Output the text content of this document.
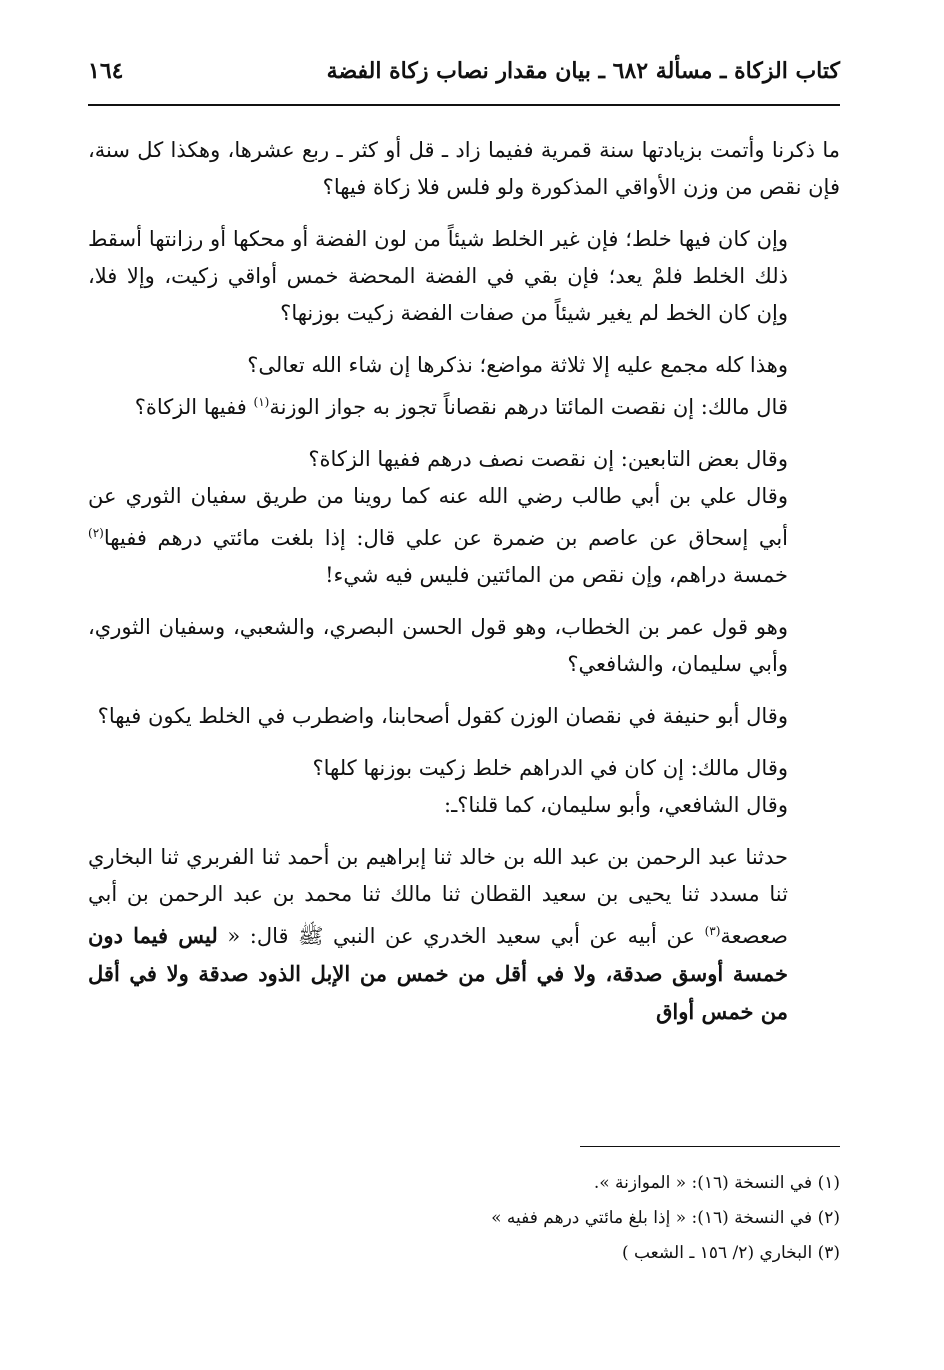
كتاب الزكاة ـ مسألة ٦٨٢ ـ بيان مقدار نصاب زكاة الفضة
١٦٤

ما ذكرنا وأتمت بزيادتها سنة قمرية ففيما زاد ـ قل أو كثر ـ ربع عشرها، وهكذا كل سنة، فإن نقص من وزن الأواقي المذكورة ولو فلس فلا زكاة فيها؟

وإن كان فيها خلط؛ فإن غير الخلط شيئاً من لون الفضة أو محكها أو رزانتها أسقط ذلك الخلط فلمْ يعد؛ فإن بقي في الفضة المحضة خمس أواقي زكيت، وإلا فلا، وإن كان الخط لم يغير شيئاً من صفات الفضة زكيت بوزنها؟

وهذا كله مجمع عليه إلا ثلاثة مواضع؛ نذكرها إن شاء الله تعالى؟

قال مالك: إن نقصت المائتا درهم نقصاناً تجوز به جواز الوزنة$^{(١)}$ ففيها الزكاة؟

وقال بعض التابعين: إن نقصت نصف درهم ففيها الزكاة؟

وقال علي بن أبي طالب رضي الله عنه كما روينا من طريق سفيان الثوري عن أبي إسحاق عن عاصم بن ضمرة عن علي قال: إذا بلغت مائتي درهم ففيها$^{(٢)}$ خمسة دراهم، وإن نقص من المائتين فليس فيه شيء!

وهو قول عمر بن الخطاب، وهو قول الحسن البصري، والشعبي، وسفيان الثوري، وأبي سليمان، والشافعي؟

وقال أبو حنيفة في نقصان الوزن كقول أصحابنا، واضطرب في الخلط يكون فيها؟

وقال مالك: إن كان في الدراهم خلط زكيت بوزنها كلها؟

وقال الشافعي، وأبو سليمان، كما قلنا؟ـ:

حدثنا عبد الرحمن بن عبد الله بن خالد ثنا إبراهيم بن أحمد ثنا الفربري ثنا البخاري ثنا مسدد ثنا يحيى بن سعيد القطان ثنا مالك ثنا محمد بن عبد الرحمن بن أبي صعصعة$^{(٣)}$ عن أبيه عن أبي سعيد الخدري عن النبي ﷺ قال: « ليس فيما دون خمسة أوسق صدقة، ولا في أقل من خمس من الإبل الذود صدقة ولا في أقل من خمس أواق

(١) في النسخة (١٦): « الموازنة ».
(٢) في النسخة (١٦): « إذا بلغ مائتي درهم ففيه »
(٣) البخاري (٢/ ١٥٦ ـ الشعب )
